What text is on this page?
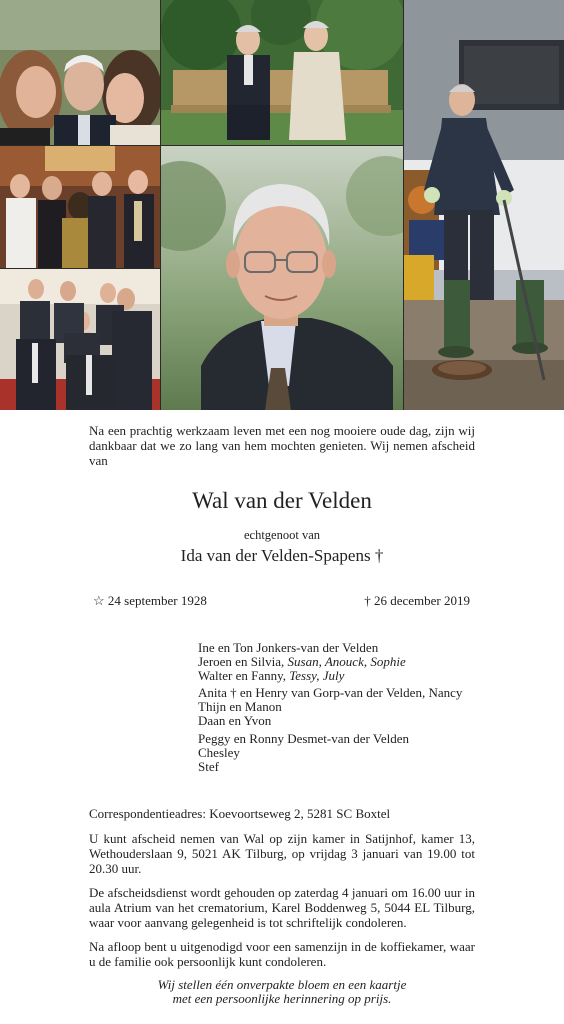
Na een prachtig werkzaam leven met een nog mooiere oude dag, zijn wij dankbaar dat we zo lang van hem mochten genieten. Wij nemen afscheid van
Wal van der Velden
echtgenoot van
Ida van der Velden-Spapens †
☆ 24 september 1928	† 26 december 2019
Ine en Ton Jonkers-van der Velden
Jeroen en Silvia, Susan, Anouck, Sophie
Walter en Fanny, Tessy, July
Anita † en Henry van Gorp-van der Velden, Nancy
Thijn en Manon
Daan en Yvon
Peggy en Ronny Desmet-van der Velden
Chesley
Stef
Correspondentieadres: Koevoortseweg 2, 5281 SC Boxtel
U kunt afscheid nemen van Wal op zijn kamer in Satijnhof, kamer 13, Wethouderslaan 9, 5021 AK Tilburg, op vrijdag 3 januari van 19.00 tot 20.30 uur.
De afscheidsdienst wordt gehouden op zaterdag 4 januari om 16.00 uur in aula Atrium van het crematorium, Karel Boddenweg 5, 5044 EL Tilburg, waar voor aanvang gelegenheid is tot schriftelijk condoleren.
Na afloop bent u uitgenodigd voor een samenzijn in de koffiekamer, waar u de familie ook persoonlijk kunt condoleren.
Wij stellen één onverpakte bloem en een kaartje
met een persoonlijke herinnering op prijs.
